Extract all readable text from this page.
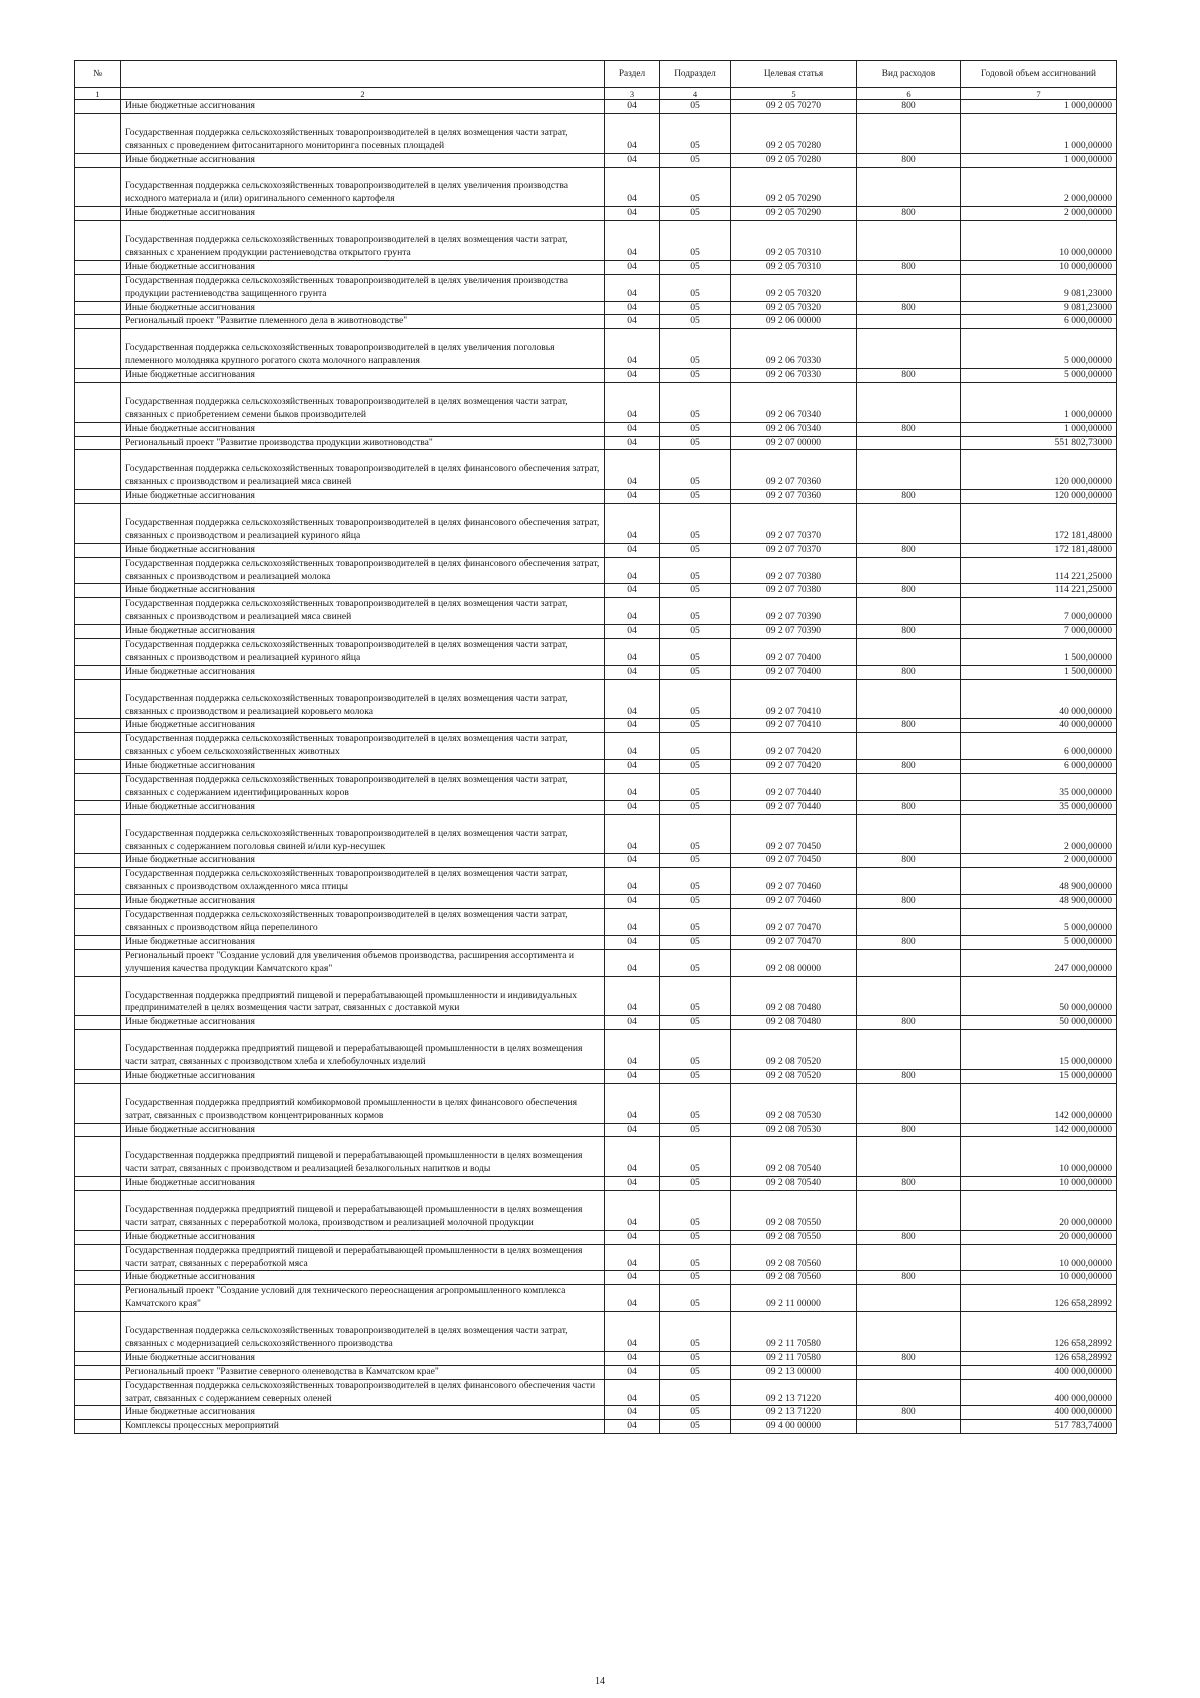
№		Раздел	Подраздел	Целевая статья	Вид расходов	Годовой объем ассигнований
1	2	3	4	5	6	7
	Иные бюджетные ассигнования	04	05	09 2 05 70270	800	1 000,00000
	Государственная поддержка сельскохозяйственных товаропроизводителей в целях возмещения части затрат, связанных с проведением фитосанитарного мониторинга посевных площадей	04	05	09 2 05 70280		1 000,00000
	Иные бюджетные ассигнования	04	05	09 2 05 70280	800	1 000,00000
	Государственная поддержка сельскохозяйственных товаропроизводителей в целях увеличения производства исходного материала и (или) оригинального семенного картофеля	04	05	09 2 05 70290		2 000,00000
	Иные бюджетные ассигнования	04	05	09 2 05 70290	800	2 000,00000
	Государственная поддержка сельскохозяйственных товаропроизводителей в целях возмещения части затрат, связанных с хранением продукции растениеводства открытого грунта	04	05	09 2 05 70310		10 000,00000
	Иные бюджетные ассигнования	04	05	09 2 05 70310	800	10 000,00000
	Государственная поддержка сельскохозяйственных товаропроизводителей в целях увеличения производства продукции растениеводства защищенного грунта	04	05	09 2 05 70320		9 081,23000
	Иные бюджетные ассигнования	04	05	09 2 05 70320	800	9 081,23000
	Региональный проект "Развитие племенного дела в животноводстве"	04	05	09 2 06 00000		6 000,00000
	Государственная поддержка сельскохозяйственных товаропроизводителей в целях увеличения поголовья племенного молодняка крупного рогатого скота молочного направления	04	05	09 2 06 70330		5 000,00000
	Иные бюджетные ассигнования	04	05	09 2 06 70330	800	5 000,00000
	Государственная поддержка сельскохозяйственных товаропроизводителей в целях возмещения части затрат, связанных с приобретением семени быков производителей	04	05	09 2 06 70340		1 000,00000
	Иные бюджетные ассигнования	04	05	09 2 06 70340	800	1 000,00000
	Региональный проект "Развитие производства продукции животноводства"	04	05	09 2 07 00000		551 802,73000
	Государственная поддержка сельскохозяйственных товаропроизводителей в целях финансового обеспечения затрат, связанных с производством и реализацией мяса свиней	04	05	09 2 07 70360		120 000,00000
	Иные бюджетные ассигнования	04	05	09 2 07 70360	800	120 000,00000
	Государственная поддержка сельскохозяйственных товаропроизводителей в целях финансового обеспечения затрат, связанных с производством и реализацией куриного яйца	04	05	09 2 07 70370		172 181,48000
	Иные бюджетные ассигнования	04	05	09 2 07 70370	800	172 181,48000
	Государственная поддержка сельскохозяйственных товаропроизводителей в целях финансового обеспечения затрат, связанных с производством и реализацией молока	04	05	09 2 07 70380		114 221,25000
	Иные бюджетные ассигнования	04	05	09 2 07 70380	800	114 221,25000
	Государственная поддержка сельскохозяйственных товаропроизводителей в целях возмещения части затрат, связанных с производством и реализацией мяса свиней	04	05	09 2 07 70390		7 000,00000
	Иные бюджетные ассигнования	04	05	09 2 07 70390	800	7 000,00000
	Государственная поддержка сельскохозяйственных товаропроизводителей в целях возмещения части затрат, связанных с производством и реализацией куриного яйца	04	05	09 2 07 70400		1 500,00000
	Иные бюджетные ассигнования	04	05	09 2 07 70400	800	1 500,00000
	Государственная поддержка сельскохозяйственных товаропроизводителей в целях возмещения части затрат, связанных с производством и реализацией коровьего молока	04	05	09 2 07 70410		40 000,00000
	Иные бюджетные ассигнования	04	05	09 2 07 70410	800	40 000,00000
	Государственная поддержка сельскохозяйственных товаропроизводителей в целях возмещения части затрат, связанных с убоем сельскохозяйственных животных	04	05	09 2 07 70420		6 000,00000
	Иные бюджетные ассигнования	04	05	09 2 07 70420	800	6 000,00000
	Государственная поддержка сельскохозяйственных товаропроизводителей в целях возмещения части затрат, связанных с содержанием идентифицированных коров	04	05	09 2 07 70440		35 000,00000
	Иные бюджетные ассигнования	04	05	09 2 07 70440	800	35 000,00000
	Государственная поддержка сельскохозяйственных товаропроизводителей в целях возмещения части затрат, связанных с содержанием поголовья свиней и/или кур-несушек	04	05	09 2 07 70450		2 000,00000
	Иные бюджетные ассигнования	04	05	09 2 07 70450	800	2 000,00000
	Государственная поддержка сельскохозяйственных товаропроизводителей в целях возмещения части затрат, связанных с производством охлажденного мяса птицы	04	05	09 2 07 70460		48 900,00000
	Иные бюджетные ассигнования	04	05	09 2 07 70460	800	48 900,00000
	Государственная поддержка сельскохозяйственных товаропроизводителей в целях возмещения части затрат, связанных с производством яйца перепелиного	04	05	09 2 07 70470		5 000,00000
	Иные бюджетные ассигнования	04	05	09 2 07 70470	800	5 000,00000
	Региональный проект "Создание условий для увеличения объемов производства, расширения ассортимента и улучшения качества продукции Камчатского края"	04	05	09 2 08 00000		247 000,00000
	Государственная поддержка предприятий пищевой и перерабатывающей промышленности и индивидуальных предпринимателей в целях возмещения части затрат, связанных с доставкой муки	04	05	09 2 08 70480		50 000,00000
	Иные бюджетные ассигнования	04	05	09 2 08 70480	800	50 000,00000
	Государственная поддержка предприятий пищевой и перерабатывающей промышленности в целях возмещения части затрат, связанных с производством хлеба и хлебобулочных изделий	04	05	09 2 08 70520		15 000,00000
	Иные бюджетные ассигнования	04	05	09 2 08 70520	800	15 000,00000
	Государственная поддержка предприятий комбикормовой промышленности в целях финансового обеспечения затрат, связанных с производством концентрированных кормов	04	05	09 2 08 70530		142 000,00000
	Иные бюджетные ассигнования	04	05	09 2 08 70530	800	142 000,00000
	Государственная поддержка предприятий пищевой и перерабатывающей промышленности в целях возмещения части затрат, связанных с производством и реализацией безалкогольных напитков и воды	04	05	09 2 08 70540		10 000,00000
	Иные бюджетные ассигнования	04	05	09 2 08 70540	800	10 000,00000
	Государственная поддержка предприятий пищевой и перерабатывающей промышленности в целях возмещения части затрат, связанных с переработкой молока, производством и реализацией молочной продукции	04	05	09 2 08 70550		20 000,00000
	Иные бюджетные ассигнования	04	05	09 2 08 70550	800	20 000,00000
	Государственная поддержка предприятий пищевой и перерабатывающей промышленности в целях возмещения части затрат, связанных с переработкой мяса	04	05	09 2 08 70560		10 000,00000
	Иные бюджетные ассигнования	04	05	09 2 08 70560	800	10 000,00000
	Региональный проект "Создание условий для технического переоснащения агропромышленного комплекса Камчатского края"	04	05	09 2 11 00000		126 658,28992
	Государственная поддержка сельскохозяйственных товаропроизводителей в целях возмещения части затрат, связанных с модернизацией сельскохозяйственного производства	04	05	09 2 11 70580		126 658,28992
	Иные бюджетные ассигнования	04	05	09 2 11 70580	800	126 658,28992
	Региональный проект "Развитие северного оленеводства в Камчатском крае"	04	05	09 2 13 00000		400 000,00000
	Государственная поддержка сельскохозяйственных товаропроизводителей в целях финансового обеспечения части затрат, связанных с содержанием северных оленей	04	05	09 2 13 71220		400 000,00000
	Иные бюджетные ассигнования	04	05	09 2 13 71220	800	400 000,00000
	Комплексы процессных мероприятий	04	05	09 4 00 00000		517 783,74000
14
